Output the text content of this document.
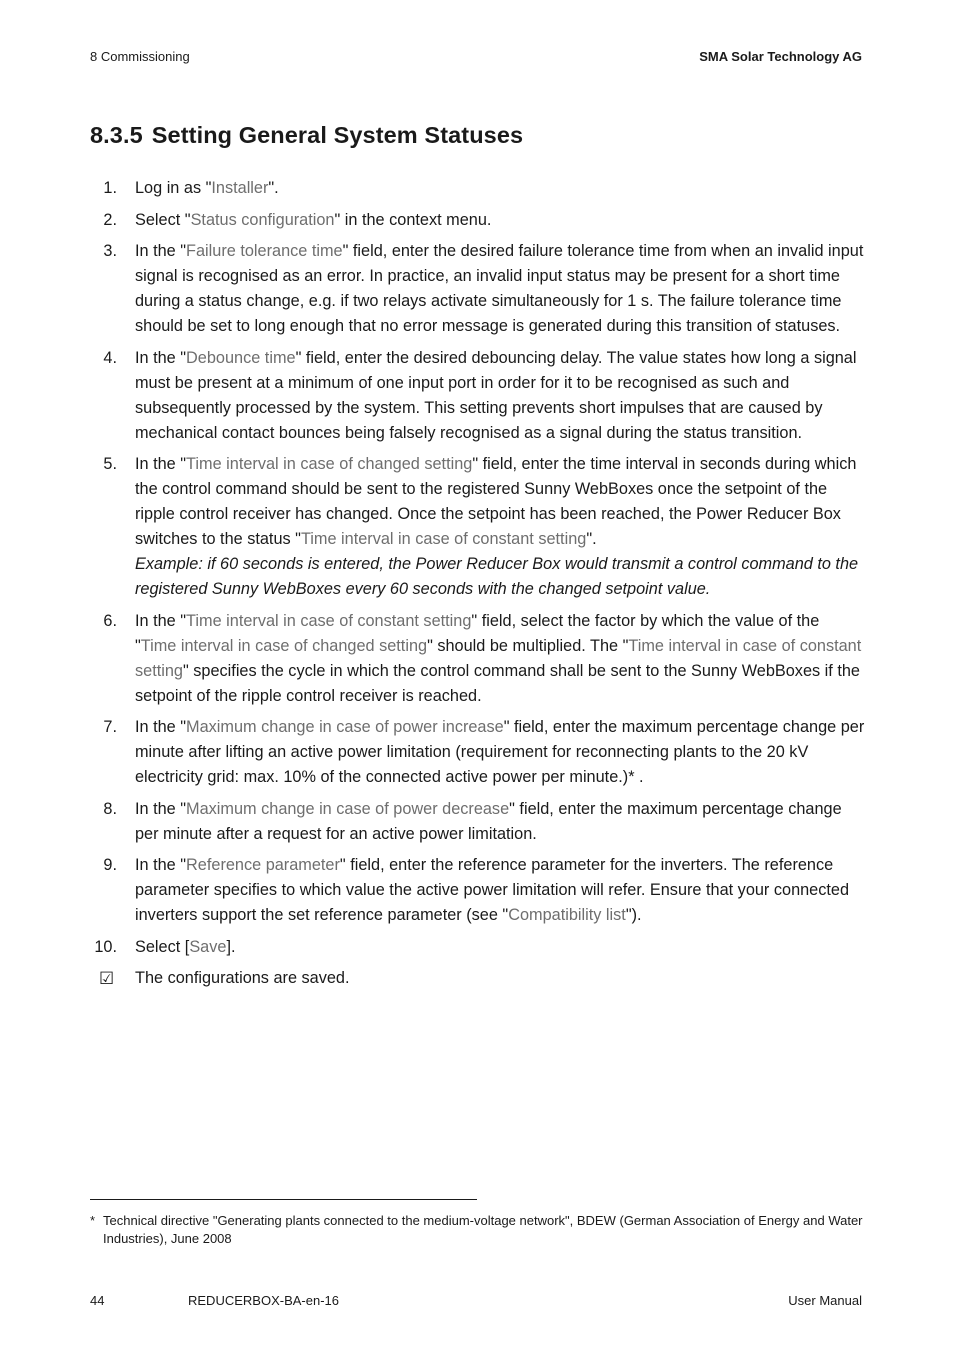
8 Commissioning	SMA Solar Technology AG
8.3.5 Setting General System Statuses
1. Log in as "Installer".
2. Select "Status configuration" in the context menu.
3. In the "Failure tolerance time" field, enter the desired failure tolerance time from when an invalid input signal is recognised as an error. In practice, an invalid input status may be present for a short time during a status change, e.g. if two relays activate simultaneously for 1 s. The failure tolerance time should be set to long enough that no error message is generated during this transition of statuses.
4. In the "Debounce time" field, enter the desired debouncing delay. The value states how long a signal must be present at a minimum of one input port in order for it to be recognised as such and subsequently processed by the system. This setting prevents short impulses that are caused by mechanical contact bounces being falsely recognised as a signal during the status transition.
5. In the "Time interval in case of changed setting" field, enter the time interval in seconds during which the control command should be sent to the registered Sunny WebBoxes once the setpoint of the ripple control receiver has changed. Once the setpoint has been reached, the Power Reducer Box switches to the status "Time interval in case of constant setting".
Example: if 60 seconds is entered, the Power Reducer Box would transmit a control command to the registered Sunny WebBoxes every 60 seconds with the changed setpoint value.
6. In the "Time interval in case of constant setting" field, select the factor by which the value of the "Time interval in case of changed setting" should be multiplied. The "Time interval in case of constant setting" specifies the cycle in which the control command shall be sent to the Sunny WebBoxes if the setpoint of the ripple control receiver is reached.
7. In the "Maximum change in case of power increase" field, enter the maximum percentage change per minute after lifting an active power limitation (requirement for reconnecting plants to the 20 kV electricity grid: max. 10% of the connected active power per minute.)* .
8. In the "Maximum change in case of power decrease" field, enter the maximum percentage change per minute after a request for an active power limitation.
9. In the "Reference parameter" field, enter the reference parameter for the inverters. The reference parameter specifies to which value the active power limitation will refer. Ensure that your connected inverters support the set reference parameter (see "Compatibility list").
10. Select [Save].
☑ The configurations are saved.
* Technical directive "Generating plants connected to the medium-voltage network", BDEW (German Association of Energy and Water Industries), June 2008
44	REDUCERBOX-BA-en-16	User Manual
